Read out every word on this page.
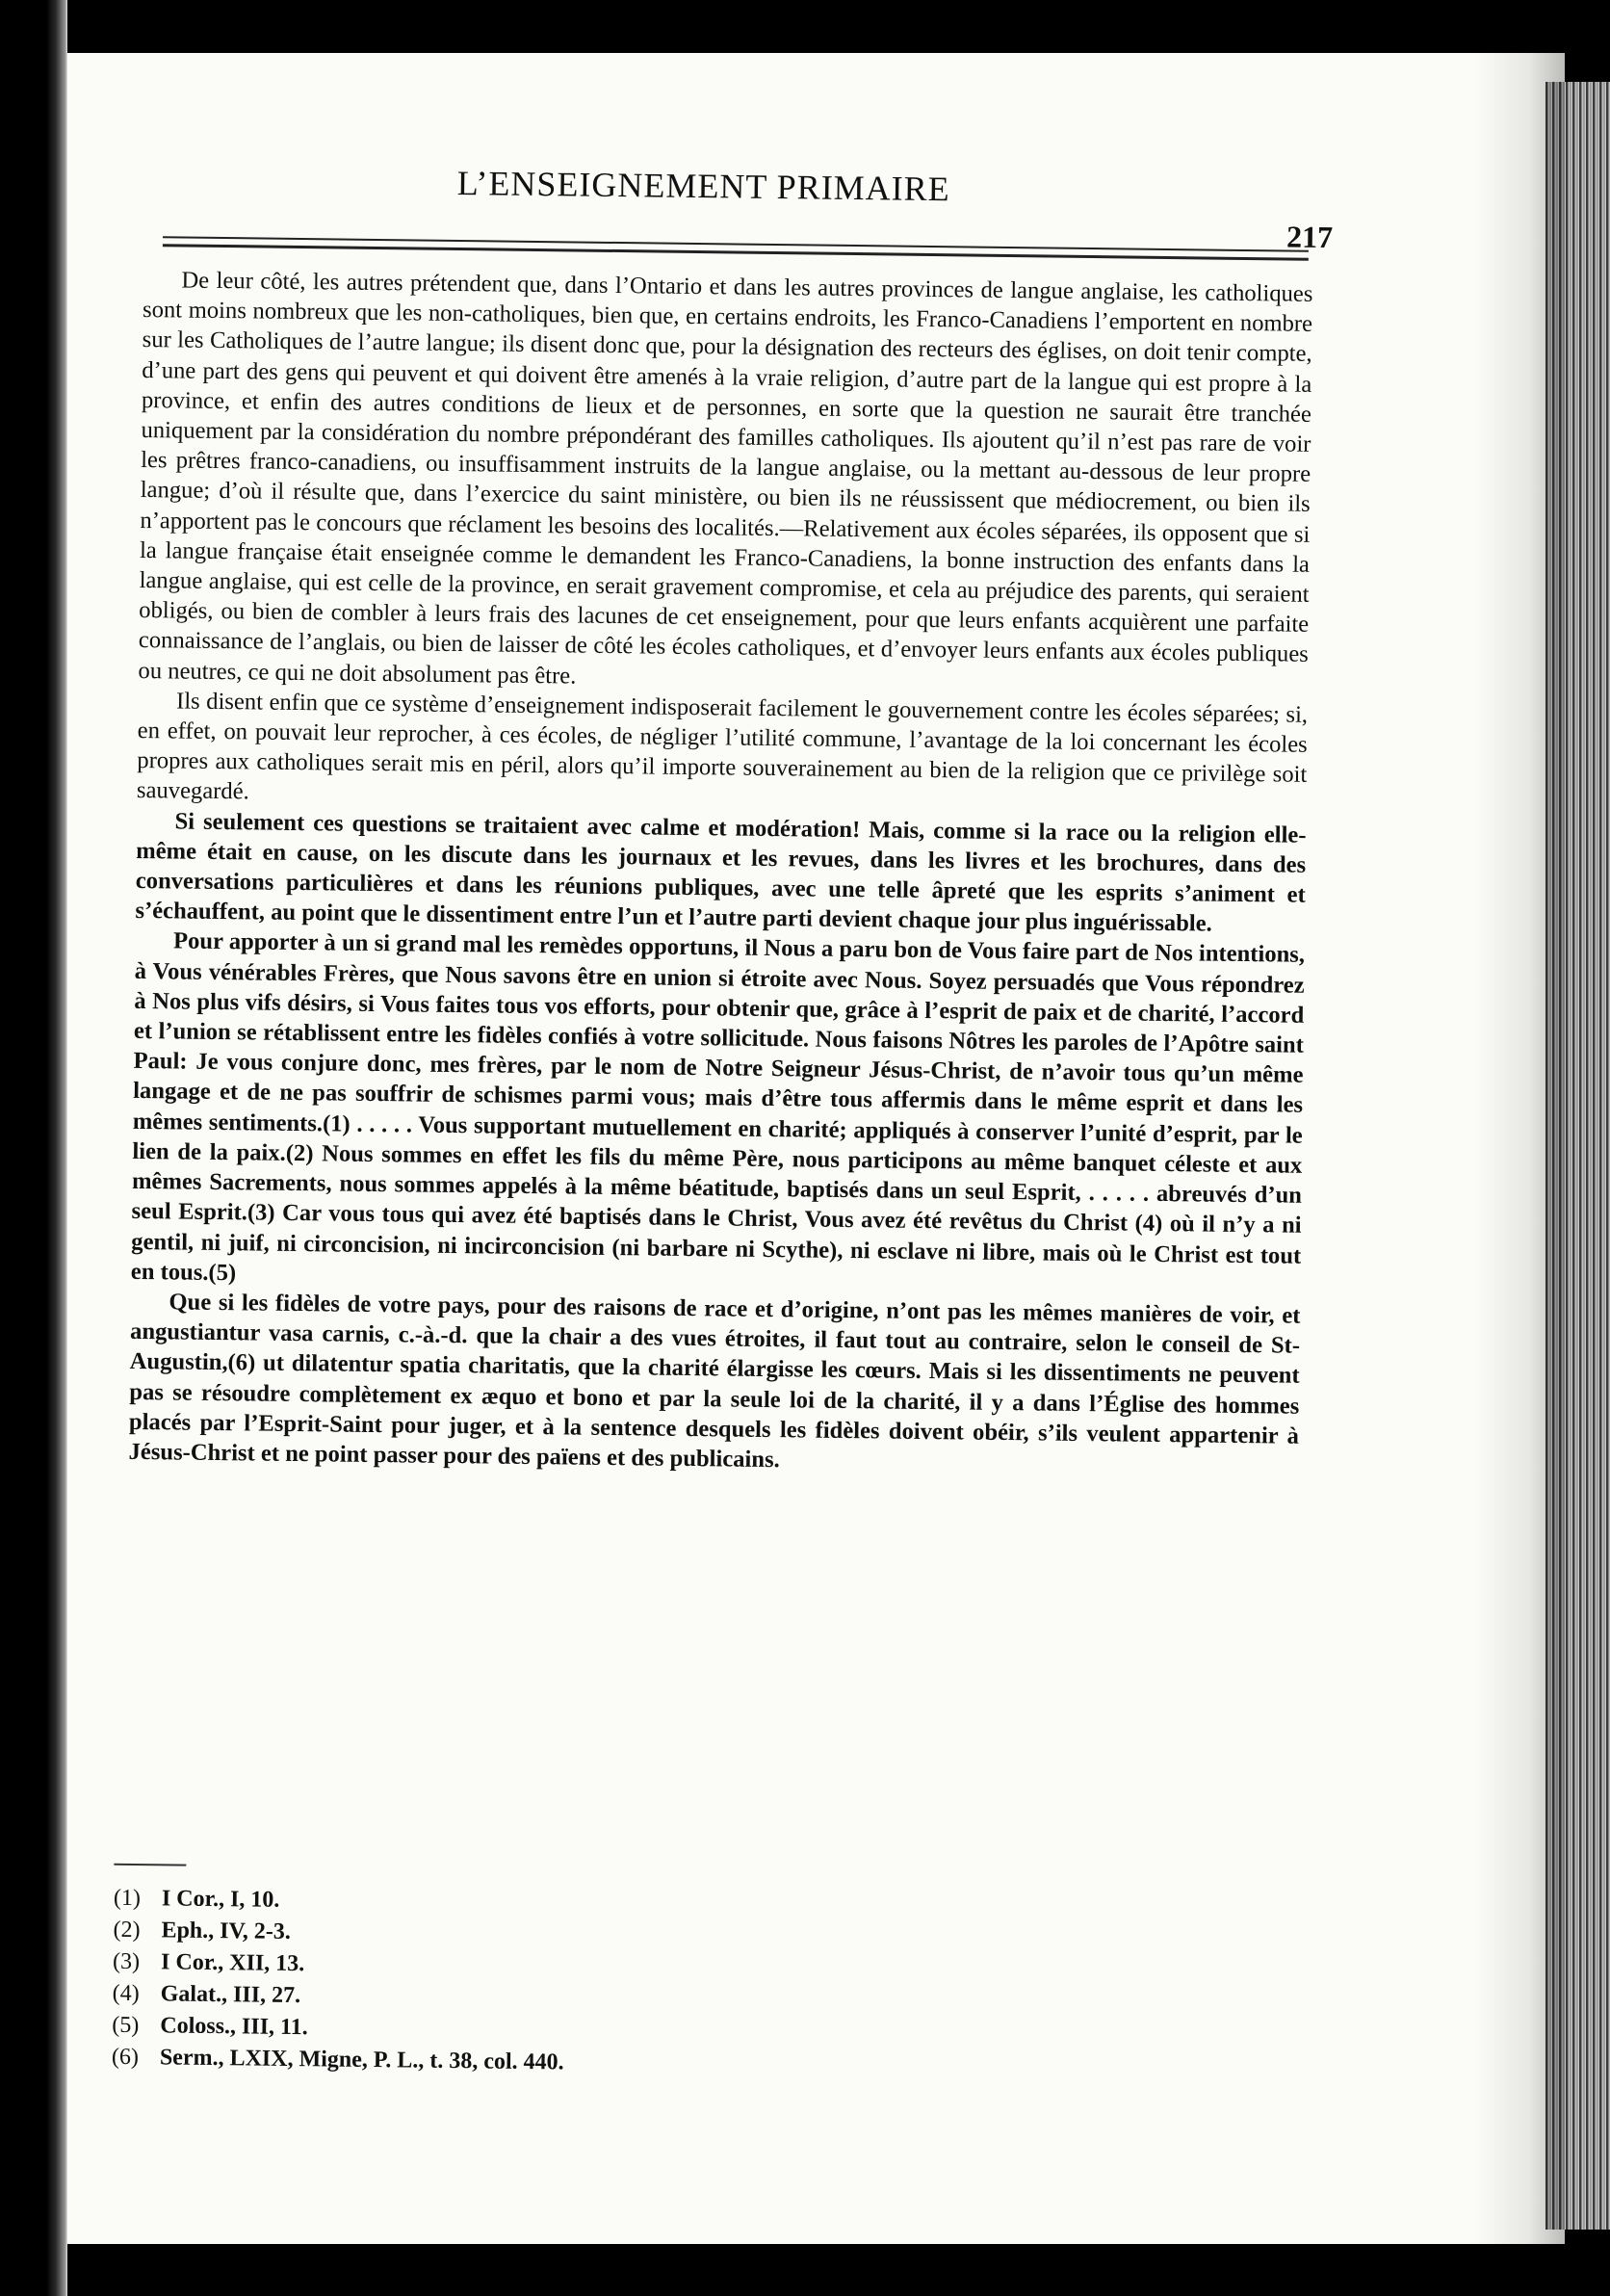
L’ENSEIGNEMENT PRIMAIRE
217

De leur côté, les autres prétendent que, dans l’Ontario et dans les autres provinces de langue anglaise, les catholiques sont moins nombreux que les non-catholiques, bien que, en certains endroits, les Franco-Canadiens l’emportent en nombre sur les Catholiques de l’autre langue; ils disent donc que, pour la désignation des recteurs des églises, on doit tenir compte, d’une part des gens qui peuvent et qui doivent être amenés à la vraie religion, d’autre part de la langue qui est propre à la province, et enfin des autres conditions de lieux et de personnes, en sorte que la question ne saurait être tranchée uniquement par la considération du nombre prépondérant des familles catholiques. Ils ajoutent qu’il n’est pas rare de voir les prêtres franco-canadiens, ou insuffisamment instruits de la langue anglaise, ou la mettant au-dessous de leur propre langue; d’où il résulte que, dans l’exercice du saint ministère, ou bien ils ne réussissent que médiocrement, ou bien ils n’apportent pas le concours que réclament les besoins des localités.—Relativement aux écoles séparées, ils opposent que si la langue française était enseignée comme le demandent les Franco-Canadiens, la bonne instruction des enfants dans la langue anglaise, qui est celle de la province, en serait gravement compromise, et cela au préjudice des parents, qui seraient obligés, ou bien de combler à leurs frais des lacunes de cet enseignement, pour que leurs enfants acquièrent une parfaite connaissance de l’anglais, ou bien de laisser de côté les écoles catholiques, et d’envoyer leurs enfants aux écoles publiques ou neutres, ce qui ne doit absolument pas être.

Ils disent enfin que ce système d’enseignement indisposerait facilement le gouvernement contre les écoles séparées; si, en effet, on pouvait leur reprocher, à ces écoles, de négliger l’utilité commune, l’avantage de la loi concernant les écoles propres aux catholiques serait mis en péril, alors qu’il importe souverainement au bien de la religion que ce privilège soit sauvegardé.

Si seulement ces questions se traitaient avec calme et modération! Mais, comme si la race ou la religion elle-même était en cause, on les discute dans les journaux et les revues, dans les livres et les brochures, dans des conversations particulières et dans les réunions publiques, avec une telle âpreté que les esprits s’animent et s’échauffent, au point que le dissentiment entre l’un et l’autre parti devient chaque jour plus inguérissable.

Pour apporter à un si grand mal les remèdes opportuns, il Nous a paru bon de Vous faire part de Nos intentions, à Vous vénérables Frères, que Nous savons être en union si étroite avec Nous. Soyez persuadés que Vous répondrez à Nos plus vifs désirs, si Vous faites tous vos efforts, pour obtenir que, grâce à l’esprit de paix et de charité, l’accord et l’union se rétablissent entre les fidèles confiés à votre sollicitude. Nous faisons Nôtres les paroles de l’Apôtre saint Paul: Je vous conjure donc, mes frères, par le nom de Notre Seigneur Jésus-Christ, de n’avoir tous qu’un même langage et de ne pas souffrir de schismes parmi vous; mais d’être tous affermis dans le même esprit et dans les mêmes sentiments.(1) . . . . . Vous supportant mutuellement en charité; appliqués à conserver l’unité d’esprit, par le lien de la paix.(2) Nous sommes en effet les fils du même Père, nous participons au même banquet céleste et aux mêmes Sacrements, nous sommes appelés à la même béatitude, baptisés dans un seul Esprit, . . . . . abreuvés d’un seul Esprit.(3) Car vous tous qui avez été baptisés dans le Christ, Vous avez été revêtus du Christ (4) où il n’y a ni gentil, ni juif, ni circoncision, ni incirconcision (ni barbare ni Scythe), ni esclave ni libre, mais où le Christ est tout en tous.(5)

Que si les fidèles de votre pays, pour des raisons de race et d’origine, n’ont pas les mêmes manières de voir, et angustiantur vasa carnis, c.-à.-d. que la chair a des vues étroites, il faut tout au contraire, selon le conseil de St-Augustin,(6) ut dilatentur spatia charitatis, que la charité élargisse les cœurs. Mais si les dissentiments ne peuvent pas se résoudre complètement ex æquo et bono et par la seule loi de la charité, il y a dans l’Église des hommes placés par l’Esprit-Saint pour juger, et à la sentence desquels les fidèles doivent obéir, s’ils veulent appartenir à Jésus-Christ et ne point passer pour des païens et des publicains.

(1) I Cor., I, 10.
(2) Eph., IV, 2-3.
(3) I Cor., XII, 13.
(4) Galat., III, 27.
(5) Coloss., III, 11.
(6) Serm., LXIX, Migne, P. L., t. 38, col. 440.
